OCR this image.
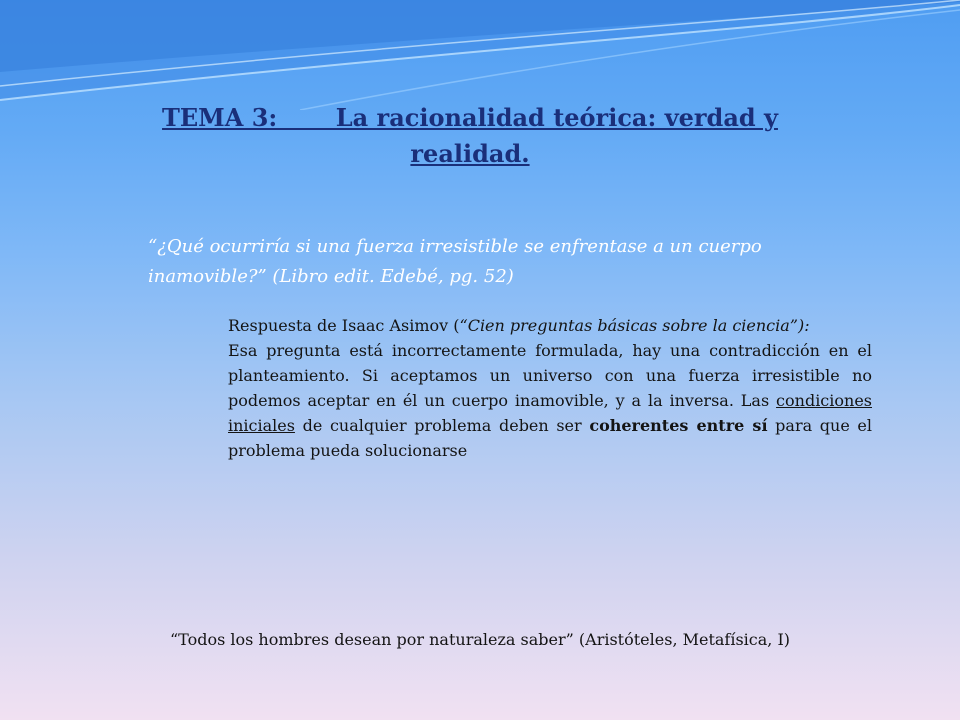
TEMA 3:       La racionalidad teórica: verdad y
realidad.
“¿Qué ocurriría si una fuerza irresistible se enfrentase a un cuerpo inamovible?” (Libro edit. Edebé, pg. 52)
Respuesta de Isaac Asimov (“Cien preguntas básicas sobre la ciencia”):
Esa pregunta está incorrectamente formulada, hay una contradicción en el planteamiento. Si aceptamos un universo con una fuerza irresistible no podemos aceptar en él un cuerpo inamovible, y a la inversa. Las condiciones iniciales de cualquier problema deben ser coherentes entre sí para que el problema pueda solucionarse
“Todos los hombres desean por naturaleza saber” (Aristóteles, Metafísica, I)
